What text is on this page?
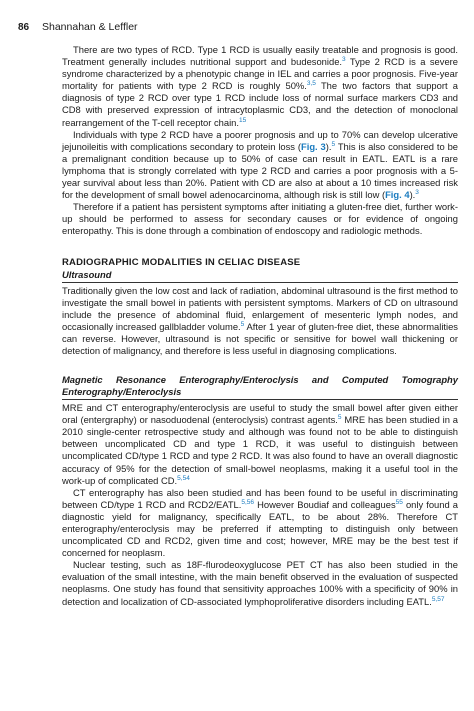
86 Shannahan & Leffler

There are two types of RCD. Type 1 RCD is usually easily treatable and prognosis is good. Treatment generally includes nutritional support and budesonide.$^3$ Type 2 RCD is a severe syndrome characterized by a phenotypic change in IEL and carries a poor prognosis. Five-year mortality for patients with type 2 RCD is roughly 50%.$^{3,5}$ The two factors that support a diagnosis of type 2 RCD over type 1 RCD include loss of normal surface markers CD3 and CD8 with preserved expression of intracytoplasmic CD3, and the detection of monoclonal rearrangement of the T-cell receptor chain.$^{15}$

Individuals with type 2 RCD have a poorer prognosis and up to 70% can develop ulcerative jejunoileitis with complications secondary to protein loss (Fig. 3).$^5$ This is also considered to be a premalignant condition because up to 50% of case can result in EATL. EATL is a rare lymphoma that is strongly correlated with type 2 RCD and carries a poor prognosis with a 5-year survival about less than 20%. Patient with CD are also at about a 10 times increased risk for the development of small bowel adenocarcinoma, although risk is still low (Fig. 4).$^3$

Therefore if a patient has persistent symptoms after initiating a gluten-free diet, further work-up should be performed to assess for secondary causes or for evidence of ongoing enteropathy. This is done through a combination of endoscopy and radiologic methods.

RADIOGRAPHIC MODALITIES IN CELIAC DISEASE
Ultrasound

Traditionally given the low cost and lack of radiation, abdominal ultrasound is the first method to investigate the small bowel in patients with persistent symptoms. Markers of CD on ultrasound include the presence of abdominal fluid, enlargement of mesenteric lymph nodes, and occasionally increased gallbladder volume.$^5$ After 1 year of gluten-free diet, these abnormalities can reverse. However, ultrasound is not specific or sensitive for bowel wall thickening or detection of malignancy, and therefore is less useful in diagnosing complications.

Magnetic Resonance Enterography/Enteroclysis and Computed Tomography Enterography/Enteroclysis

MRE and CT enterography/enteroclysis are useful to study the small bowel after given either oral (entergraphy) or nasoduodenal (enteroclysis) contrast agents.$^5$ MRE has been studied in a 2010 single-center retrospective study and although was found not to be able to distinguish between uncomplicated CD and type 1 RCD, it was useful to distinguish between uncomplicated CD/type 1 RCD and type 2 RCD. It was also found to have an overall diagnostic accuracy of 95% for the detection of small-bowel neoplasms, making it a useful tool in the work-up of complicated CD.$^{5,54}$

CT enterography has also been studied and has been found to be useful in discriminating between CD/type 1 RCD and RCD2/EATL.$^{5,56}$ However Boudiaf and colleagues$^{55}$ only found a diagnostic yield for malignancy, specifically EATL, to be about 28%. Therefore CT enterography/enteroclysis may be preferred if attempting to distinguish only between uncomplicated CD and RCD2, given time and cost; however, MRE may be the best test if concerned for neoplasm.

Nuclear testing, such as 18F-flurodeoxyglucose PET CT has also been studied in the evaluation of the small intestine, with the main benefit observed in the evaluation of suspected neoplasms. One study has found that sensitivity approaches 100% with a specificity of 90% in detection and localization of CD-associated lymphoproliferative disorders including EATL.$^{5,57}$
